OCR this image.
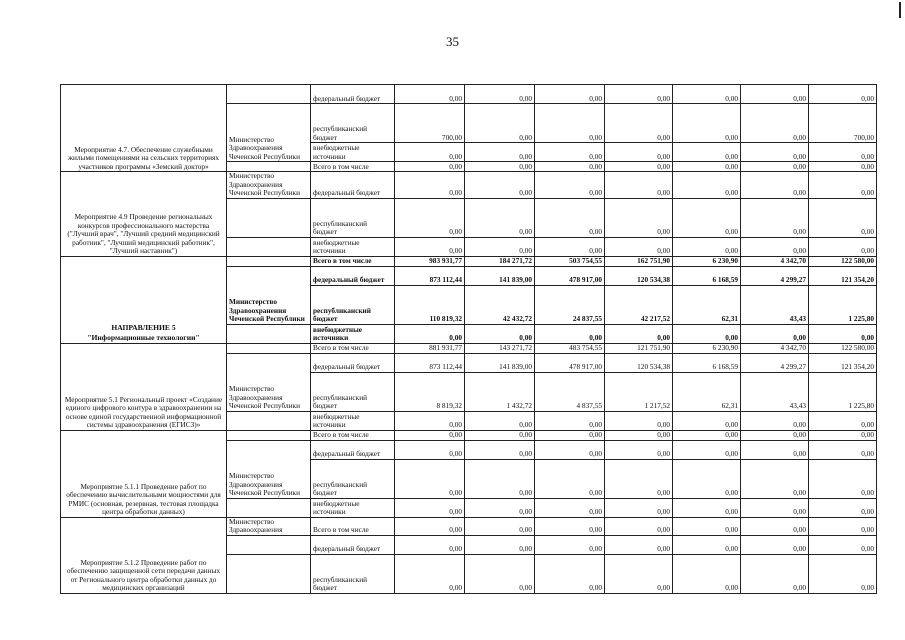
35
Мероприятие 4.7. Обеспечение служебными жилыми помещениями на сельских территориях участников программы «Земский доктор»		федеральный бюджет	0,00	0,00	0,00	0,00	0,00	0,00	0,00
	Министерство Здравоохранения Чеченской Республики	республиканский бюджет	700,00	0,00	0,00	0,00	0,00	0,00	700,00
		внебюджетные источники	0,00	0,00	0,00	0,00	0,00	0,00	0,00
		Всего в том числе	0,00	0,00	0,00	0,00	0,00	0,00	0,00
Мероприятие 4.9 Проведение региональных конкурсов профессионального мастерства ("Лучший врач", "Лучший средний медицинский работник", "Лучший медицинский работник", "Лучший наставник")	Министерство Здравоохранения Чеченской Республики	федеральный бюджет	0,00	0,00	0,00	0,00	0,00	0,00	0,00
		республиканский бюджет	0,00	0,00	0,00	0,00	0,00	0,00	0,00
		внебюджетные источники	0,00	0,00	0,00	0,00	0,00	0,00	0,00

НАПРАВЛЕНИЕ 5
"Информационные технологии"		Всего в том числе	983 931,77	184 271,72	503 754,55	162 751,90	6 230,90	4 342,70	122 580,00
	Министерство Здравоохранения Чеченской Республики	федеральный бюджет	873 112,44	141 839,00	478 917,00	120 534,38	6 168,59	4 299,27	121 354,20
		республиканский бюджет	110 819,32	42 432,72	24 837,55	42 217,52	62,31	43,43	1 225,80
		внебюджетные источники	0,00	0,00	0,00	0,00	0,00	0,00	0,00
Мероприятие 5.1 Региональный проект «Создание единого цифрового контура в здравоохранении на основе единой государственной информационной системы здравоохранения (ЕГИСЗ)»		Всего в том числе	881 931,77	143 271,72	483 754,55	121 751,90	6 230,90	4 342,70	122 580,00
	Министерство Здравоохранения Чеченской Республики	федеральный бюджет	873 112,44	141 839,00	478 917,00	120 534,38	6 168,59	4 299,27	121 354,20
		республиканский бюджет	8 819,32	1 432,72	4 837,55	1 217,52	62,31	43,43	1 225,80
		внебюджетные источники	0,00	0,00	0,00	0,00	0,00	0,00	0,00
Мероприятие 5.1.1 Проведение работ по обеспечению вычислительными мощностями для РМИС (основная, резервная, тестовая площадка центра обработки данных)		Всего в том числе	0,00	0,00	0,00	0,00	0,00	0,00	0,00
	Министерство Здравоохранения Чеченской Республики	федеральный бюджет	0,00	0,00	0,00	0,00	0,00	0,00	0,00
		республиканский бюджет	0,00	0,00	0,00	0,00	0,00	0,00	0,00
		внебюджетные источники	0,00	0,00	0,00	0,00	0,00	0,00	0,00
Мероприятие 5.1.2 Проведение работ по обеспечению защищенной сети передачи данных от Регионального центра обработки данных до медицинских организаций	Министерство Здравоохранения	Всего в том числе	0,00	0,00	0,00	0,00	0,00	0,00	0,00
		федеральный бюджет	0,00	0,00	0,00	0,00	0,00	0,00	0,00
		республиканский бюджет	0,00	0,00	0,00	0,00	0,00	0,00	0,00
